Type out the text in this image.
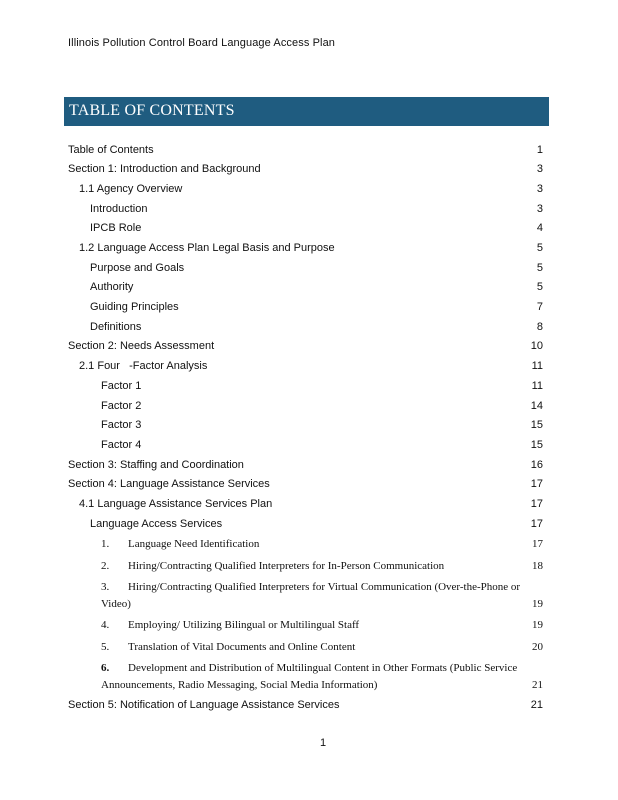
Illinois Pollution Control Board Language Access Plan
TABLE OF CONTENTS
Table of Contents	1
Section 1: Introduction and Background	3
1.1 Agency Overview	3
Introduction	3
IPCB Role	4
1.2 Language Access Plan Legal Basis and Purpose	5
Purpose and Goals	5
Authority	5
Guiding Principles	7
Definitions	8
Section 2: Needs Assessment	10
2.1 Four   -Factor Analysis	11
Factor 1	11
Factor 2	14
Factor 3	15
Factor 4	15
Section 3: Staffing and Coordination	16
Section 4: Language Assistance Services	17
4.1 Language Assistance Services Plan	17
Language Access Services	17
1. Language Need Identification	17
2. Hiring/Contracting Qualified Interpreters for In-Person Communication	18
3. Hiring/Contracting Qualified Interpreters for Virtual Communication (Over-the-Phone or
Video)	19
4. Employing/ Utilizing Bilingual or Multilingual Staff	19
5. Translation of Vital Documents and Online Content	20
6. Development and Distribution of Multilingual Content in Other Formats (Public Service
Announcements, Radio Messaging, Social Media Information)	21
Section 5: Notification of Language Assistance Services	21
1
